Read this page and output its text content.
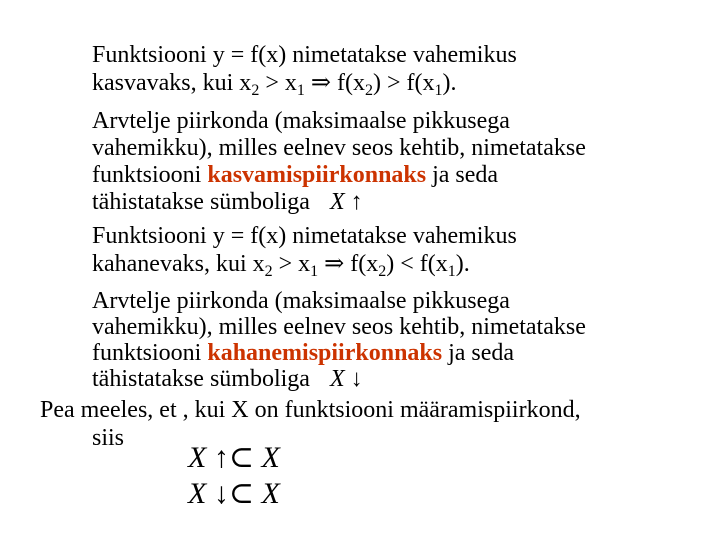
Funktsiooni y = f(x) nimetatakse vahemikus
kasvavaks, kui $x_2 > x_1$ ⇒ $f(x_2) > f(x_1)$.
Arvtelje piirkonda (maksimaalse pikkusega
vahemikku), milles eelnev seos kehtib, nimetatakse
funktsiooni kasvamispiirkonnaks ja seda
tähistatakse sümboliga X ↑
Funktsiooni y = f(x) nimetatakse vahemikus
kahanevaks, kui $x_2 > x_1$ ⇒ $f(x_2) < f(x_1)$.
Arvtelje piirkonda (maksimaalse pikkusega
vahemikku), milles eelnev seos kehtib, nimetatakse
funktsiooni kahanemispiirkonnaks ja seda
tähistatakse sümboliga X ↓
Pea meeles, et , kui X on funktsiooni määramispiirkond,
siis
X ↑⊂ X
X ↓⊂ X
